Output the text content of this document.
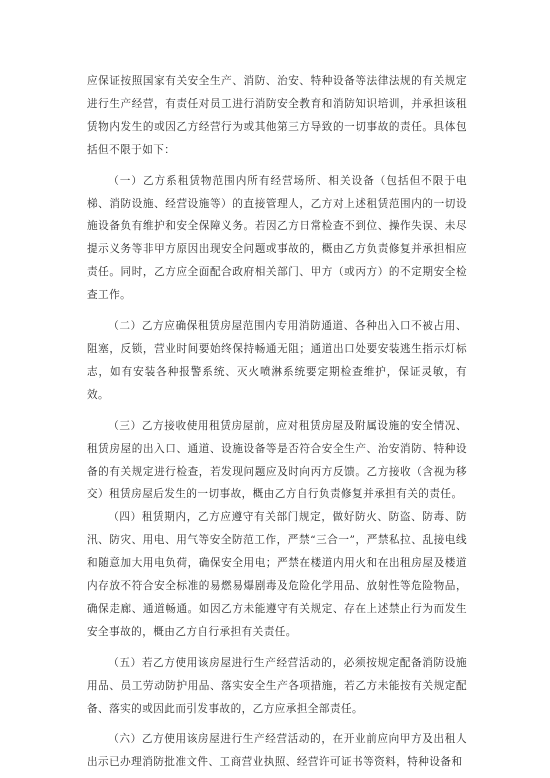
应保证按照国家有关安全生产、消防、治安、特种设备等法律法规的有关规定进行生产经营，有责任对员工进行消防安全教育和消防知识培训，并承担该租赁物内发生的或因乙方经营行为或其他第三方导致的一切事故的责任。具体包括但不限于如下：

（一）乙方系租赁物范围内所有经营场所、相关设备（包括但不限于电梯、消防设施、经营设施等）的直接管理人，乙方对上述租赁范围内的一切设施设备负有维护和安全保障义务。若因乙方日常检查不到位、操作失误、未尽提示义务等非甲方原因出现安全问题或事故的，概由乙方负责修复并承担相应责任。同时，乙方应全面配合政府相关部门、甲方（或丙方）的不定期安全检查工作。

（二）乙方应确保租赁房屋范围内专用消防通道、各种出入口不被占用、阻塞，反锁，营业时间要始终保持畅通无阻；通道出口处要安装逃生指示灯标志，如有安装各种报警系统、灭火喷淋系统要定期检查维护，保证灵敏，有效。

（三）乙方接收使用租赁房屋前，应对租赁房屋及附属设施的安全情况、租赁房屋的出入口、通道、设施设备等是否符合安全生产、治安消防、特种设备的有关规定进行检查，若发现问题应及时向丙方反馈。乙方接收（含视为移交）租赁房屋后发生的一切事故，概由乙方自行负责修复并承担有关的责任。

（四）租赁期内，乙方应遵守有关部门规定，做好防火、防盗、防毒、防汛、防灾、用电、用气等安全防范工作，严禁“三合一”，严禁私拉、乱接电线和随意加大用电负荷，确保安全用电；严禁在楼道内用火和在出租房屋及楼道内存放不符合安全标准的易燃易爆剧毒及危险化学用品、放射性等危险物品，确保走廊、通道畅通。如因乙方未能遵守有关规定、存在上述禁止行为而发生安全事故的，概由乙方自行承担有关责任。

（五）若乙方使用该房屋进行生产经营活动的，必须按规定配备消防设施用品、员工劳动防护用品、落实安全生产各项措施，若乙方未能按有关规定配备、落实的或因此而引发事故的，乙方应承担全部责任。

（六）乙方使用该房屋进行生产经营活动的，在开业前应向甲方及出租人出示已办理消防批准文件、工商营业执照、经营许可证书等资料，特种设备和
